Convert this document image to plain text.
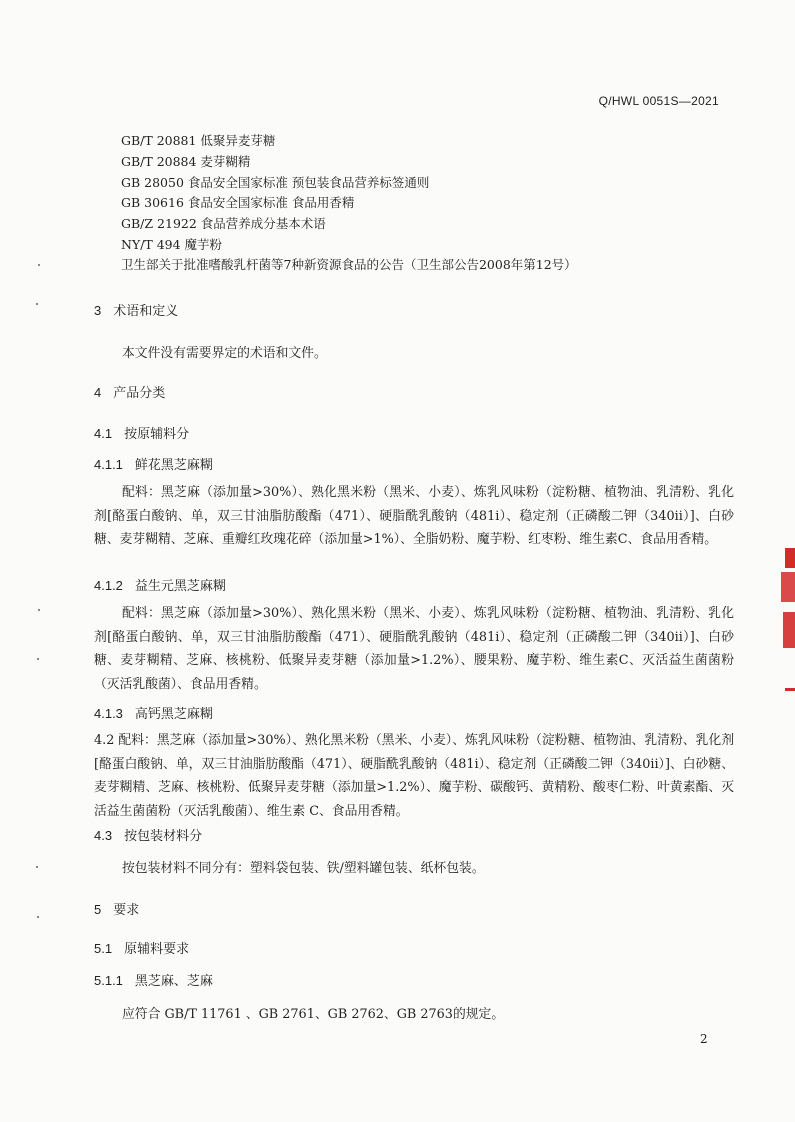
Q/HWL 0051S—2021
GB/T 20881 低聚异麦芽糖
GB/T 20884 麦芽糊精
GB 28050 食品安全国家标准 预包装食品营养标签通则
GB 30616 食品安全国家标准 食品用香精
GB/Z 21922 食品营养成分基本术语
NY/T 494 魔芋粉
卫生部关于批准嗜酸乳杆菌等7种新资源食品的公告（卫生部公告2008年第12号）
3 术语和定义
本文件没有需要界定的术语和文件。
4 产品分类
4.1 按原辅料分
4.1.1 鲜花黑芝麻糊
配料：黑芝麻（添加量>30%）、熟化黑米粉（黑米、小麦）、炼乳风味粉（淀粉糖、植物油、乳清粉、乳化剂[酪蛋白酸钠、单，双三甘油脂肪酸酯（471）、硬脂酰乳酸钠（481i）、稳定剂（正磷酸二钾（340ii）]、白砂糖、麦芽糊精、芝麻、重瓣红玫瑰花碎（添加量>1%）、全脂奶粉、魔芋粉、红枣粉、维生素C、食品用香精。
4.1.2 益生元黑芝麻糊
配料：黑芝麻（添加量>30%）、熟化黑米粉（黑米、小麦）、炼乳风味粉（淀粉糖、植物油、乳清粉、乳化剂[酪蛋白酸钠、单，双三甘油脂肪酸酯（471）、硬脂酰乳酸钠（481i）、稳定剂（正磷酸二钾（340ii）]、白砂糖、麦芽糊精、芝麻、核桃粉、低聚异麦芽糖（添加量>1.2%）、腰果粉、魔芋粉、维生素C、灭活益生菌菌粉（灭活乳酸菌）、食品用香精。
4.1.3 高钙黑芝麻糊
4.2 配料：黑芝麻（添加量>30%）、熟化黑米粉（黑米、小麦）、炼乳风味粉（淀粉糖、植物油、乳清粉、乳化剂[酪蛋白酸钠、单，双三甘油脂肪酸酯（471）、硬脂酰乳酸钠（481i）、稳定剂（正磷酸二钾（340ii）]、白砂糖、麦芽糊精、芝麻、核桃粉、低聚异麦芽糖（添加量>1.2%）、魔芋粉、碳酸钙、黄精粉、酸枣仁粉、叶黄素酯、灭活益生菌菌粉（灭活乳酸菌）、维生素 C、食品用香精。
4.3 按包装材料分
按包装材料不同分有：塑料袋包装、铁/塑料罐包装、纸杯包装。
5 要求
5.1 原辅料要求
5.1.1 黑芝麻、芝麻
应符合 GB/T 11761 、GB 2761、GB 2762、GB 2763的规定。
2
